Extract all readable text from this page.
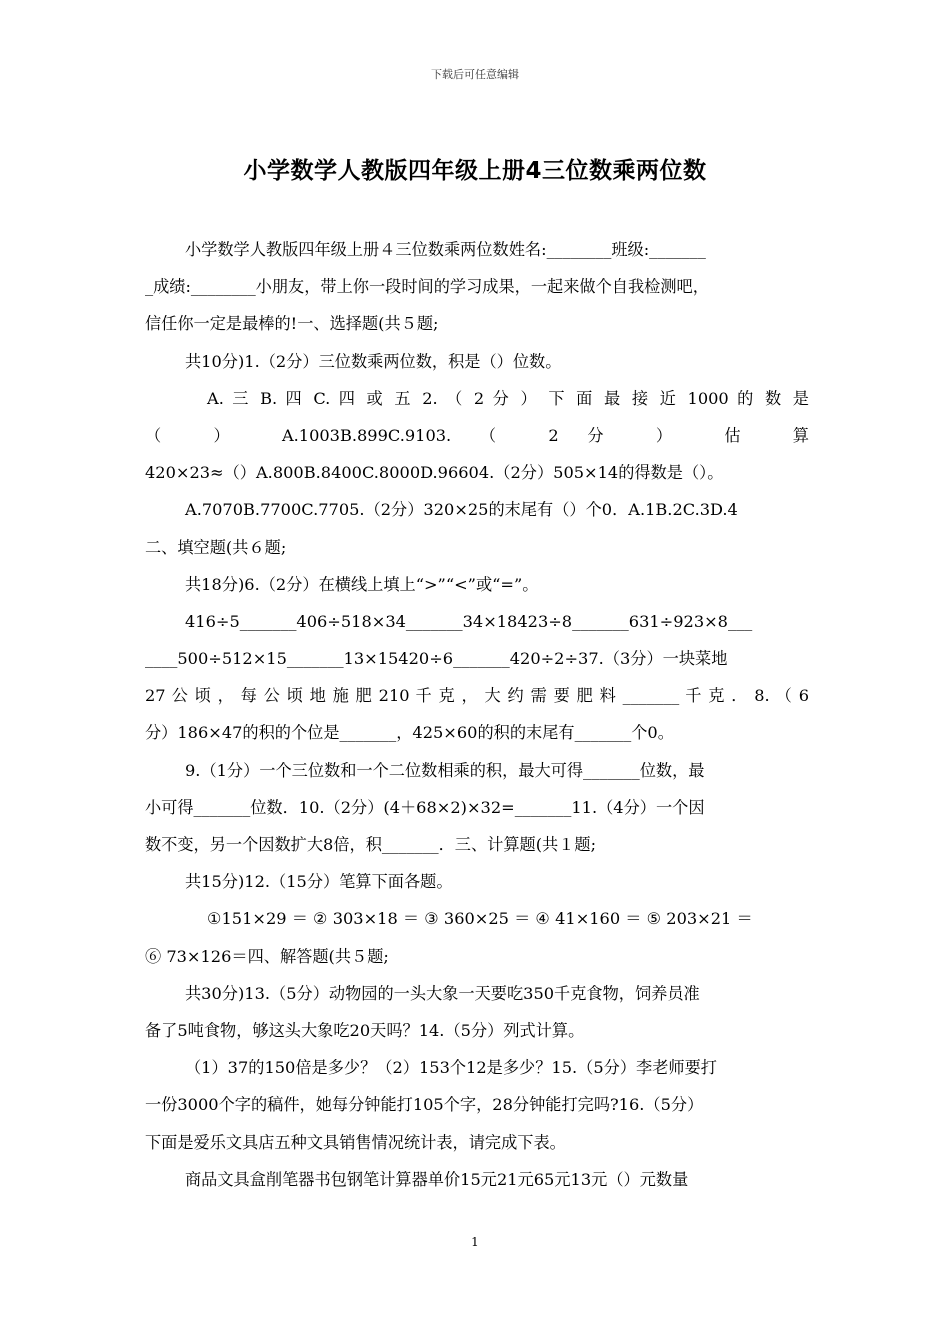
下载后可任意编辑
小学数学人教版四年级上册4三位数乘两位数
小学数学人教版四年级上册４三位数乘两位数姓名:________班级:_______
_成绩:________小朋友，带上你一段时间的学习成果，一起来做个自我检测吧，
信任你一定是最棒的!一、选择题(共５题;
共10分)1.（2分）三位数乘两位数，积是（）位数。
A. 三 B. 四 C. 四 或 五 2. （ 2 分 ） 下 面 最 接 近 1000 的 数 是
（ ） A.1003B.899C.9103. （ 2 分 ） 估 算
420×23≈（）A.800B.8400C.8000D.96604.（2分）505×14的得数是（）。
A.7070B.7700C.7705.（2分）320×25的末尾有（）个0．A.1B.2C.3D.4
二、填空题(共６题;
共18分)6.（2分）在横线上填上“>”“<”或“=”。
416÷5_______406÷518×34_______34×18423÷8_______631÷923×8___
____500÷512×15_______13×15420÷6_______420÷2÷37.（3分）一块菜地
27 公 顷 ， 每 公 顷 地 施 肥 210 千 克 ， 大 约 需 要 肥 料 _______ 千 克 ． 8. （ 6
分）186×47的积的个位是_______，425×60的积的末尾有_______个0。
9.（1分）一个三位数和一个二位数相乘的积，最大可得_______位数，最
小可得_______位数．10.（2分）(4＋68×2)×32=_______11.（4分）一个因
数不变，另一个因数扩大8倍，积_______．三、计算题(共１题;
共15分)12.（15分）笔算下面各题。
①151×29 ＝ ② 303×18 ＝ ③ 360×25 ＝ ④ 41×160 ＝ ⑤ 203×21 ＝
⑥ 73×126＝四、解答题(共５题;
共30分)13.（5分）动物园的一头大象一天要吃350千克食物，饲养员准
备了5吨食物，够这头大象吃20天吗？14.（5分）列式计算。
（1）37的150倍是多少？（2）153个12是多少？15.（5分）李老师要打
一份3000个字的稿件，她每分钟能打105个字，28分钟能打完吗?16.（5分）
下面是爱乐文具店五种文具销售情况统计表，请完成下表。
商品文具盒削笔器书包钢笔计算器单价15元21元65元13元（）元数量
1
